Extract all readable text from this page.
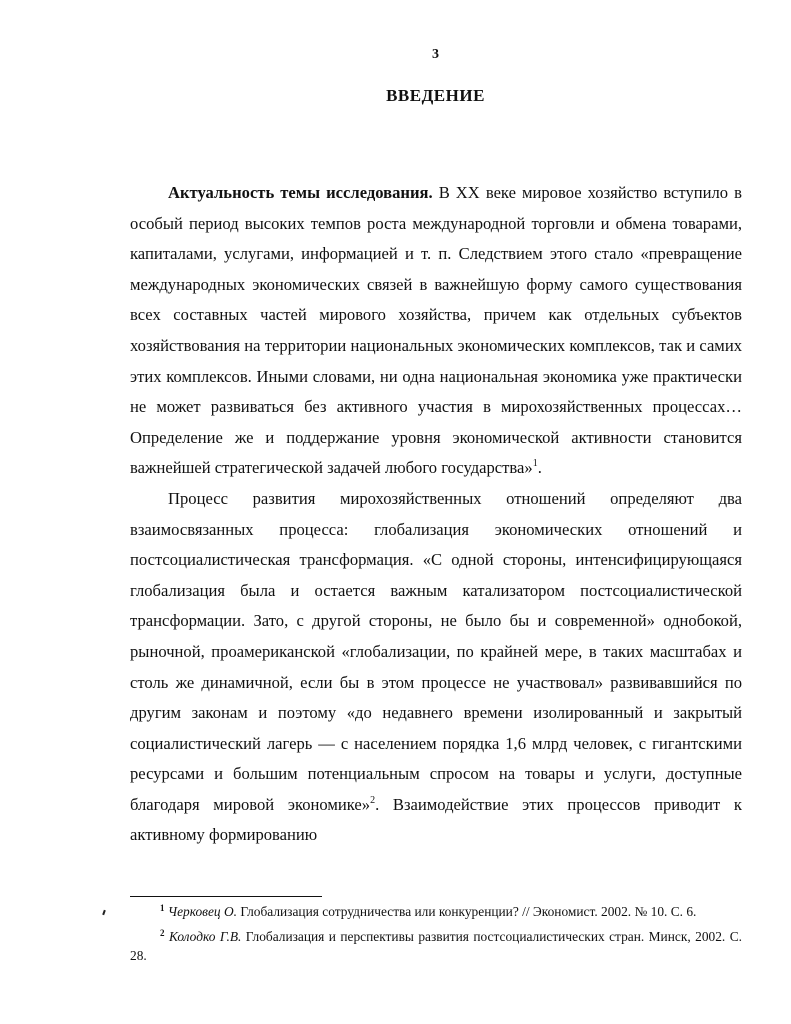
3
ВВЕДЕНИЕ

Актуальность темы исследования. В XX веке мировое хозяйство вступило в особый период высоких темпов роста международной торговли и обмена товарами, капиталами, услугами, информацией и т. п. Следствием этого стало «превращение международных экономических связей в важнейшую форму самого существования всех составных частей мирового хозяйства, причем как отдельных субъектов хозяйствования на территории национальных экономических комплексов, так и самих этих комплексов. Иными словами, ни одна национальная экономика уже практически не может развиваться без активного участия в мирохозяйственных процессах… Определение же и поддержание уровня экономической активности становится важнейшей стратегической задачей любого государства»$^1$.

Процесс развития мирохозяйственных отношений определяют два взаимосвязанных процесса: глобализация экономических отношений и постсоциалистическая трансформация. «С одной стороны, интенсифицирующаяся глобализация была и остается важным катализатором постсоциалистической трансформации. Зато, с другой стороны, не было бы и современной» однобокой, рыночной, проамериканской «глобализации, по крайней мере, в таких масштабах и столь же динамичной, если бы в этом процессе не участвовал» развивавшийся по другим законам и поэтому «до недавнего времени изолированный и закрытый социалистический лагерь — с населением порядка 1,6 млрд человек, с гигантскими ресурсами и большим потенциальным спросом на товары и услуги, доступные благодаря мировой экономике»$^2$. Взаимодействие этих процессов приводит к активному формированию

$^1$ Черковец О. Глобализация сотрудничества или конкуренции? // Экономист. 2002. № 10. С. 6.

$^2$ Колодко Г.В. Глобализация и перспективы развития постсоциалистических стран. Минск, 2002. С. 28.
